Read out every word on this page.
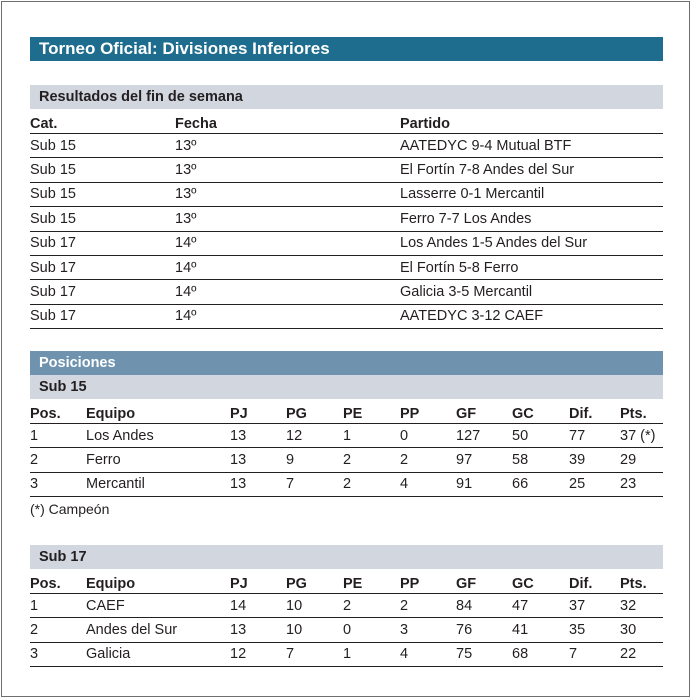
Torneo Oficial: Divisiones Inferiores
Resultados del fin de semana
Cat.	Fecha	Partido
Sub 15	13º	AATEDYC 9-4 Mutual BTF
Sub 15	13º	El Fortín 7-8 Andes del Sur
Sub 15	13º	Lasserre 0-1 Mercantil
Sub 15	13º	Ferro 7-7 Los Andes
Sub 17	14º	Los Andes 1-5 Andes del Sur
Sub 17	14º	El Fortín 5-8 Ferro
Sub 17	14º	Galicia 3-5 Mercantil
Sub 17	14º	AATEDYC 3-12 CAEF
Posiciones
Sub 15
Pos.	Equipo	PJ	PG	PE	PP	GF	GC	Dif.	Pts.
1	Los Andes	13	12	1	0	127	50	77	37 (*)
2	Ferro	13	9	2	2	97	58	39	29
3	Mercantil	13	7	2	4	91	66	25	23
(*) Campeón
Sub 17
Pos.	Equipo	PJ	PG	PE	PP	GF	GC	Dif.	Pts.
1	CAEF	14	10	2	2	84	47	37	32
2	Andes del Sur	13	10	0	3	76	41	35	30
3	Galicia	12	7	1	4	75	68	7	22
